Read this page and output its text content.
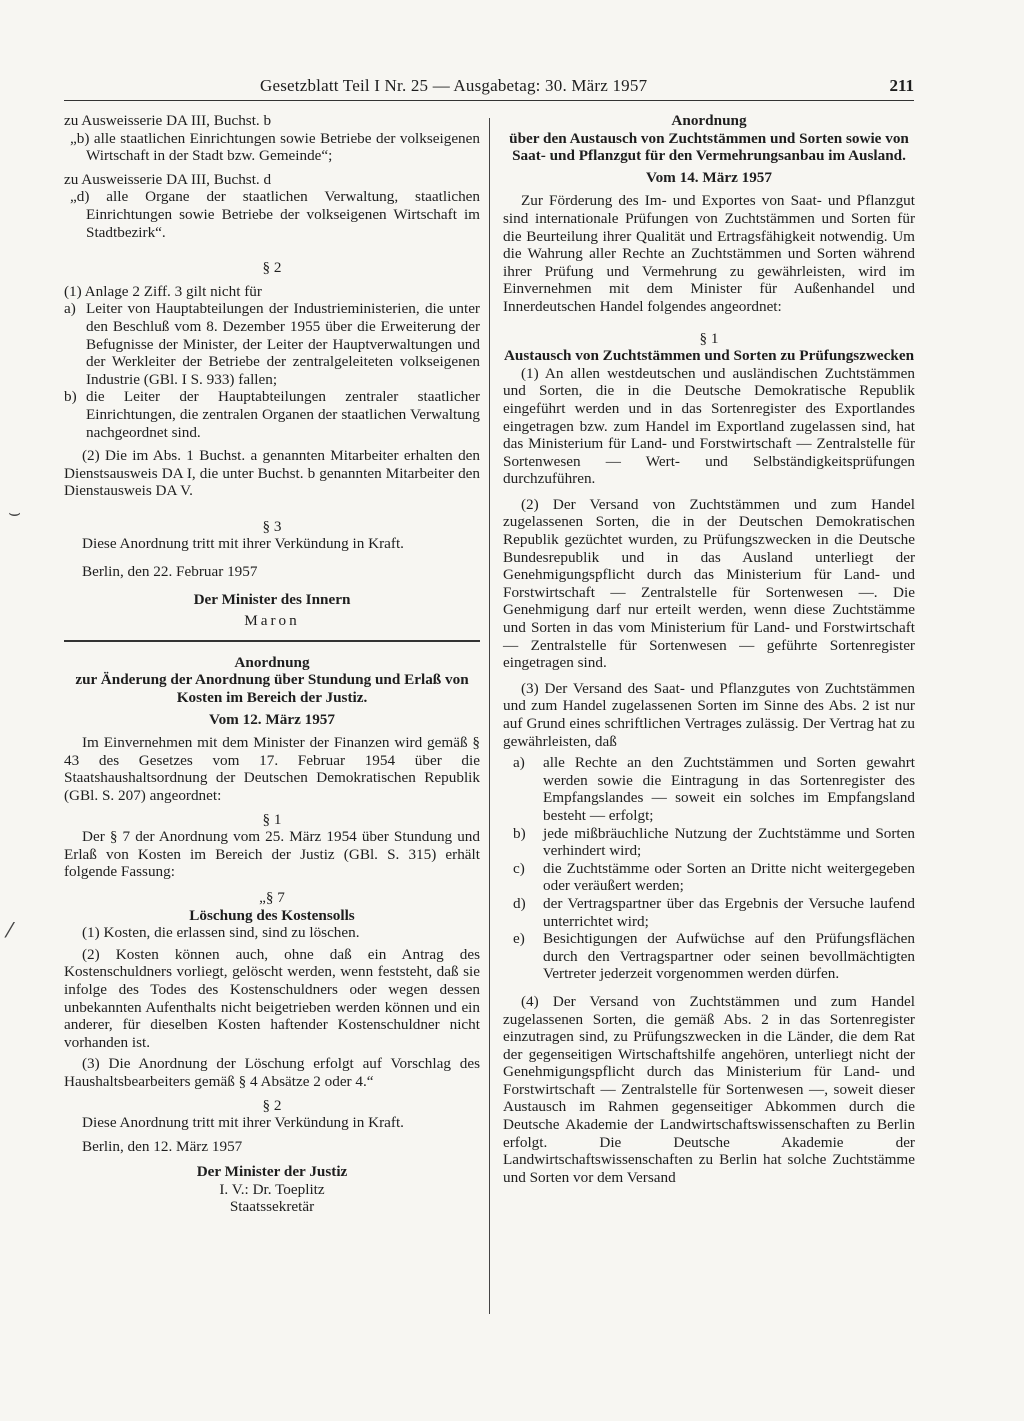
Gesetzblatt Teil I Nr. 25 — Ausgabetag: 30. März 1957	211
⌣
⁄

zu Ausweisserie DA III, Buchst. b

„b) alle staatlichen Einrichtungen sowie Betriebe der volkseigenen Wirtschaft in der Stadt bzw. Gemeinde“;

zu Ausweisserie DA III, Buchst. d

„d) alle Organe der staatlichen Verwaltung, staatlichen Einrichtungen sowie Betriebe der volkseigenen Wirtschaft im Stadtbezirk“.

§ 2

(1) Anlage 2 Ziff. 3 gilt nicht für

a) Leiter von Hauptabteilungen der Industrieministerien, die unter den Beschluß vom 8. Dezember 1955 über die Erweiterung der Befugnisse der Minister, der Leiter der Hauptverwaltungen und der Werkleiter der Betriebe der zentralgeleiteten volkseigenen Industrie (GBl. I S. 933) fallen;
b) die Leiter der Hauptabteilungen zentraler staatlicher Einrichtungen, die zentralen Organen der staatlichen Verwaltung nachgeordnet sind.

(2) Die im Abs. 1 Buchst. a genannten Mitarbeiter erhalten den Dienstsausweis DA I, die unter Buchst. b genannten Mitarbeiter den Dienstausweis DA V.

§ 3

Diese Anordnung tritt mit ihrer Verkündung in Kraft.

Berlin, den 22. Februar 1957

Der Minister des Innern

Maron

Anordnung

zur Änderung der Anordnung über Stundung und Erlaß von Kosten im Bereich der Justiz.

Vom 12. März 1957

Im Einvernehmen mit dem Minister der Finanzen wird gemäß § 43 des Gesetzes vom 17. Februar 1954 über die Staatshaushaltsordnung der Deutschen Demokratischen Republik (GBl. S. 207) angeordnet:

§ 1

Der § 7 der Anordnung vom 25. März 1954 über Stundung und Erlaß von Kosten im Bereich der Justiz (GBl. S. 315) erhält folgende Fassung:

„§ 7

Löschung des Kostensolls

(1) Kosten, die erlassen sind, sind zu löschen.

(2) Kosten können auch, ohne daß ein Antrag des Kostenschuldners vorliegt, gelöscht werden, wenn feststeht, daß sie infolge des Todes des Kostenschuldners oder wegen dessen unbekannten Aufenthalts nicht beigetrieben werden können und ein anderer, für dieselben Kosten haftender Kostenschuldner nicht vorhanden ist.

(3) Die Anordnung der Löschung erfolgt auf Vorschlag des Haushaltsbearbeiters gemäß § 4 Absätze 2 oder 4.“

§ 2

Diese Anordnung tritt mit ihrer Verkündung in Kraft.

Berlin, den 12. März 1957

Der Minister der Justiz

I. V.: Dr. Toeplitz

Staatssekretär

Anordnung

über den Austausch von Zuchtstämmen und Sorten sowie von Saat- und Pflanzgut für den Vermehrungsanbau im Ausland.

Vom 14. März 1957

Zur Förderung des Im- und Exportes von Saat- und Pflanzgut sind internationale Prüfungen von Zuchtstämmen und Sorten für die Beurteilung ihrer Qualität und Ertragsfähigkeit notwendig. Um die Wahrung aller Rechte an Zuchtstämmen und Sorten während ihrer Prüfung und Vermehrung zu gewährleisten, wird im Einvernehmen mit dem Minister für Außenhandel und Innerdeutschen Handel folgendes angeordnet:

§ 1

Austausch von Zuchtstämmen und Sorten zu Prüfungszwecken

(1) An allen westdeutschen und ausländischen Zuchtstämmen und Sorten, die in die Deutsche Demokratische Republik eingeführt werden und in das Sortenregister des Exportlandes eingetragen bzw. zum Handel im Exportland zugelassen sind, hat das Ministerium für Land- und Forstwirtschaft — Zentralstelle für Sortenwesen — Wert- und Selbständigkeitsprüfungen durchzuführen.

(2) Der Versand von Zuchtstämmen und zum Handel zugelassenen Sorten, die in der Deutschen Demokratischen Republik gezüchtet wurden, zu Prüfungszwecken in die Deutsche Bundesrepublik und in das Ausland unterliegt der Genehmigungspflicht durch das Ministerium für Land- und Forstwirtschaft — Zentralstelle für Sortenwesen —. Die Genehmigung darf nur erteilt werden, wenn diese Zuchtstämme und Sorten in das vom Ministerium für Land- und Forstwirtschaft — Zentralstelle für Sortenwesen — geführte Sortenregister eingetragen sind.

(3) Der Versand des Saat- und Pflanzgutes von Zuchtstämmen und zum Handel zugelassenen Sorten im Sinne des Abs. 2 ist nur auf Grund eines schriftlichen Vertrages zulässig. Der Vertrag hat zu gewährleisten, daß

a)	alle Rechte an den Zuchtstämmen und Sorten gewahrt werden sowie die Eintragung in das Sortenregister des Empfangslandes — soweit ein solches im Empfangsland besteht — erfolgt;
b)	jede mißbräuchliche Nutzung der Zuchtstämme und Sorten verhindert wird;
c)	die Zuchtstämme oder Sorten an Dritte nicht weitergegeben oder veräußert werden;
d)	der Vertragspartner über das Ergebnis der Versuche laufend unterrichtet wird;
e)	Besichtigungen der Aufwüchse auf den Prüfungsflächen durch den Vertragspartner oder seinen bevollmächtigten Vertreter jederzeit vorgenommen werden dürfen.

(4) Der Versand von Zuchtstämmen und zum Handel zugelassenen Sorten, die gemäß Abs. 2 in das Sortenregister einzutragen sind, zu Prüfungszwecken in die Länder, die dem Rat der gegenseitigen Wirtschaftshilfe angehören, unterliegt nicht der Genehmigungspflicht durch das Ministerium für Land- und Forstwirtschaft — Zentralstelle für Sortenwesen —, soweit dieser Austausch im Rahmen gegenseitiger Abkommen durch die Deutsche Akademie der Landwirtschaftswissenschaften zu Berlin erfolgt. Die Deutsche Akademie der Landwirtschaftswissenschaften zu Berlin hat solche Zuchtstämme und Sorten vor dem Versand
